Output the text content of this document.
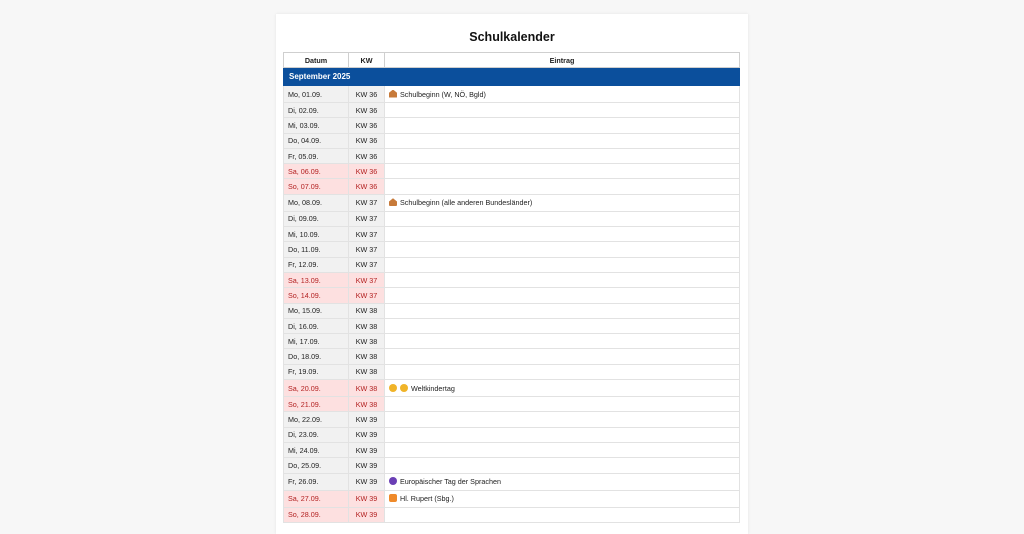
Schulkalender
Datum	KW	Eintrag
September 2025		
Mo, 01.09.	KW 36	Schulbeginn (W, NÖ, Bgld)
Di, 02.09.	KW 36	
Mi, 03.09.	KW 36	
Do, 04.09.	KW 36	
Fr, 05.09.	KW 36	
Sa, 06.09.	KW 36	
So, 07.09.	KW 36	
Mo, 08.09.	KW 37	Schulbeginn (alle anderen Bundesländer)
Di, 09.09.	KW 37	
Mi, 10.09.	KW 37	
Do, 11.09.	KW 37	
Fr, 12.09.	KW 37	
Sa, 13.09.	KW 37	
So, 14.09.	KW 37	
Mo, 15.09.	KW 38	
Di, 16.09.	KW 38	
Mi, 17.09.	KW 38	
Do, 18.09.	KW 38	
Fr, 19.09.	KW 38	
Sa, 20.09.	KW 38	Weltkindertag
So, 21.09.	KW 38	
Mo, 22.09.	KW 39	
Di, 23.09.	KW 39	
Mi, 24.09.	KW 39	
Do, 25.09.	KW 39	
Fr, 26.09.	KW 39	Europäischer Tag der Sprachen
Sa, 27.09.	KW 39	Hl. Rupert (Sbg.)
So, 28.09.	KW 39	
